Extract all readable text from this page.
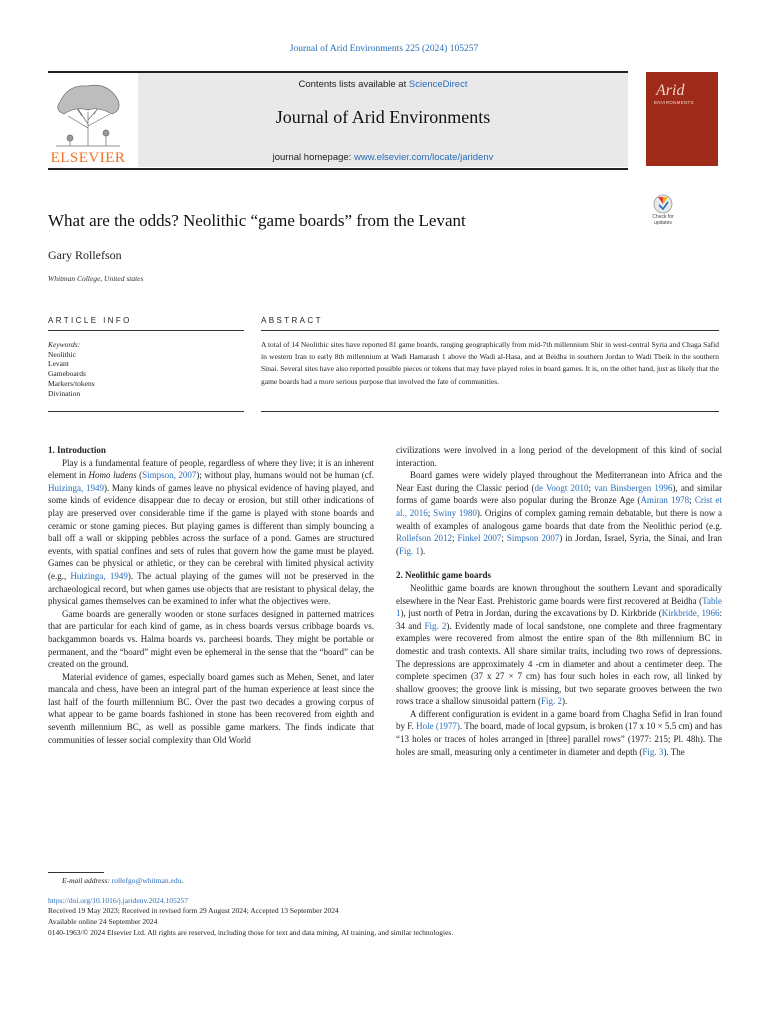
Journal of Arid Environments 225 (2024) 105257
ELSEVIER
Contents lists available at ScienceDirect
Journal of Arid Environments
journal homepage: www.elsevier.com/locate/jaridenv
Arid
ENVIRONMENTS
Check for updates
What are the odds? Neolithic “game boards” from the Levant
Gary Rollefson
Whitman College, United states
ARTICLE INFO	ABSTRACT
Keywords:
Neolithic
Levant
Gameboards
Markers/tokens
Divination
A total of 14 Neolithic sites have reported 81 game boards, ranging geographically from mid-7th millennium Shir in west-central Syria and Chaga Safid in western Iran to early 8th millennium at Wadi Hamarash 1 above the Wadi al-Hasa, and at Beidha in southern Jordan to Wadi Tbeik in the southern Sinai. Several sites have also reported possible pieces or tokens that may have played roles in board games. It is, on the other hand, just as likely that the game boards had a more serious purpose that involved the fate of communities.

1. Introduction

Play is a fundamental feature of people, regardless of where they live; it is an inherent element in Homo ludens (Simpson, 2007); without play, humans would not be human (cf. Huizinga, 1949). Many kinds of games leave no physical evidence of having played, and some kinds of evidence disappear due to decay or erosion, but still other indications of play are preserved over considerable time if the game is played with stone boards and ceramic or stone gaming pieces. But playing games is different than simply bouncing a ball off a wall or skipping pebbles across the surface of a pond. Games are structured events, with spatial confines and sets of rules that govern how the game must be played. Games can be physical or athletic, or they can be cerebral with limited physical activity (e.g., Huizinga, 1949). The actual playing of the games will not be preserved in the archaeological record, but when games use objects that are resistant to physical delay, the physical games themselves can be examined to infer what the objectives were.

Game boards are generally wooden or stone surfaces designed in patterned matrices that are particular for each kind of game, as in chess boards versus cribbage boards vs. backgammon boards vs. Halma boards vs. parcheesi boards. They might be portable or permanent, and the “board” might even be ephemeral in the sense that the “board” can be created on the ground.

Material evidence of games, especially board games such as Mehen, Senet, and later mancala and chess, have been an integral part of the human experience at least since the last half of the fourth millennium BC. Over the past two decades a growing corpus of what appear to be game boards fashioned in stone has been recovered from eighth and seventh millennium BC, as well as possible game markers. The finds indicate that communities of lesser social complexity than Old World

civilizations were involved in a long period of the development of this kind of social interaction.

Board games were widely played throughout the Mediterranean into Africa and the Near East during the Classic period (de Voogt 2010; van Binsbergen 1996), and similar forms of game boards were also popular during the Bronze Age (Amiran 1978; Crist et al., 2016; Swiny 1980). Origins of complex gaming remain debatable, but there is now a wealth of examples of analogous game boards that date from the Neolithic period (e.g. Rollefson 2012; Finkel 2007; Simpson 2007) in Jordan, Israel, Syria, the Sinai, and Iran (Fig. 1).

2. Neolithic game boards

Neolithic game boards are known throughout the southern Levant and sporadically elsewhere in the Near East. Prehistoric game boards were first recovered at Beidha (Table 1), just north of Petra in Jordan, during the excavations by D. Kirkbride (Kirkbride, 1966: 34 and Fig. 2). Evidently made of local sandstone, one complete and three fragmentary examples were recovered from almost the entire span of the 8th millennium BC in domestic and trash contexts. All share similar traits, including two rows of depressions. The depressions are approximately 4 -cm in diameter and about a centimeter deep. The complete specimen (37 x 27 × 7 cm) has four such holes in each row, all linked by shallow grooves; the groove link is missing, but two separate grooves between the two rows trace a shallow sinusoidal pattern (Fig. 2).

A different configuration is evident in a game board from Chagha Sefid in Iran found by F. Hole (1977). The board, made of local gypsum, is broken (17 x 10 × 5.5 cm) and has “13 holes or traces of holes arranged in [three] parallel rows” (1977: 215; Pl. 48h). The holes are small, measuring only a centimeter in diameter and depth (Fig. 3). The

E-mail address: rollefgo@whitman.edu.
https://doi.org/10.1016/j.jaridenv.2024.105257
Received 19 May 2023; Received in revised form 29 August 2024; Accepted 13 September 2024
Available online 24 September 2024
0140-1963/© 2024 Elsevier Ltd. All rights are reserved, including those for text and data mining, AI training, and similar technologies.
